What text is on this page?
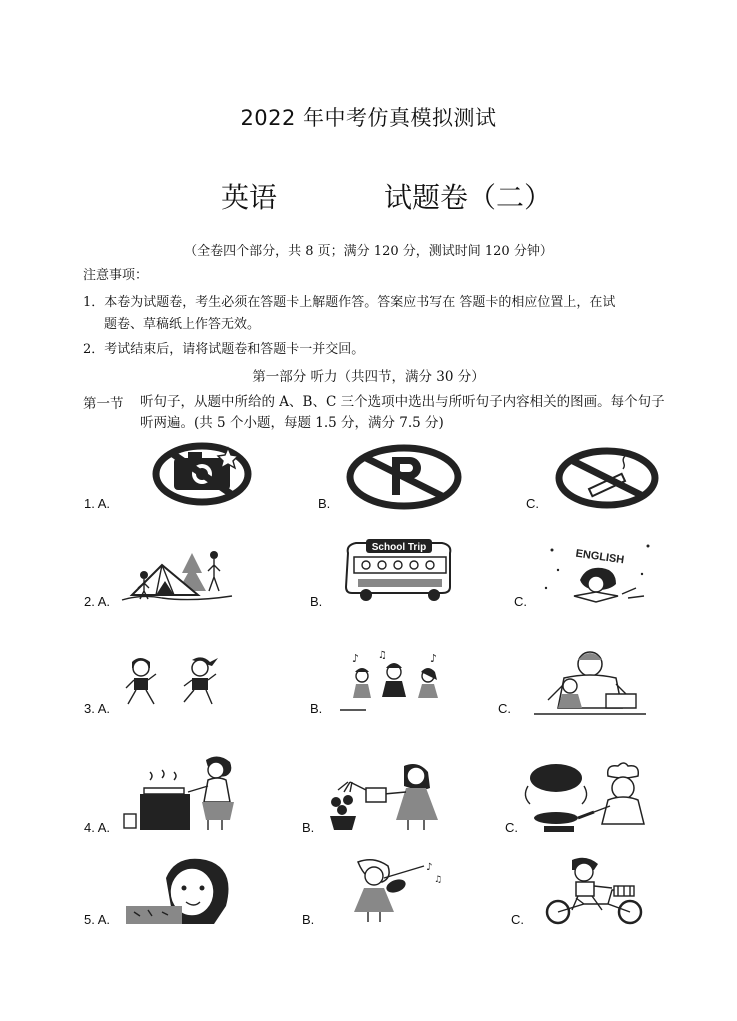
2022 年中考仿真模拟测试
英语	试题卷（二）
（全卷四个部分，共 8 页；满分 120 分，测试时间 120 分钟）
注意事项：
1．本卷为试题卷，考生必须在答题卡上解题作答。答案应书写在 答题卡的相应位置上，在试
题卷、草稿纸上作答无效。
2．考试结束后，请将试题卷和答题卡一并交回。
第一部分 听力（共四节，满分 30 分）
第一节 听句子，从题中所给的 A、B、C 三个选项中选出与所听句子内容相关的图画。每个句子听两遍。(共 5 个小题，每题 1.5 分，满分 7.5 分)
1. A.	B.	C.
2. A.	B.	C.
School Trip
ENGLISH
3. A.	B.	C.
♪ ♫	♪
4. A.	B.	C.
5. A.	B.	C.
♪
♫
